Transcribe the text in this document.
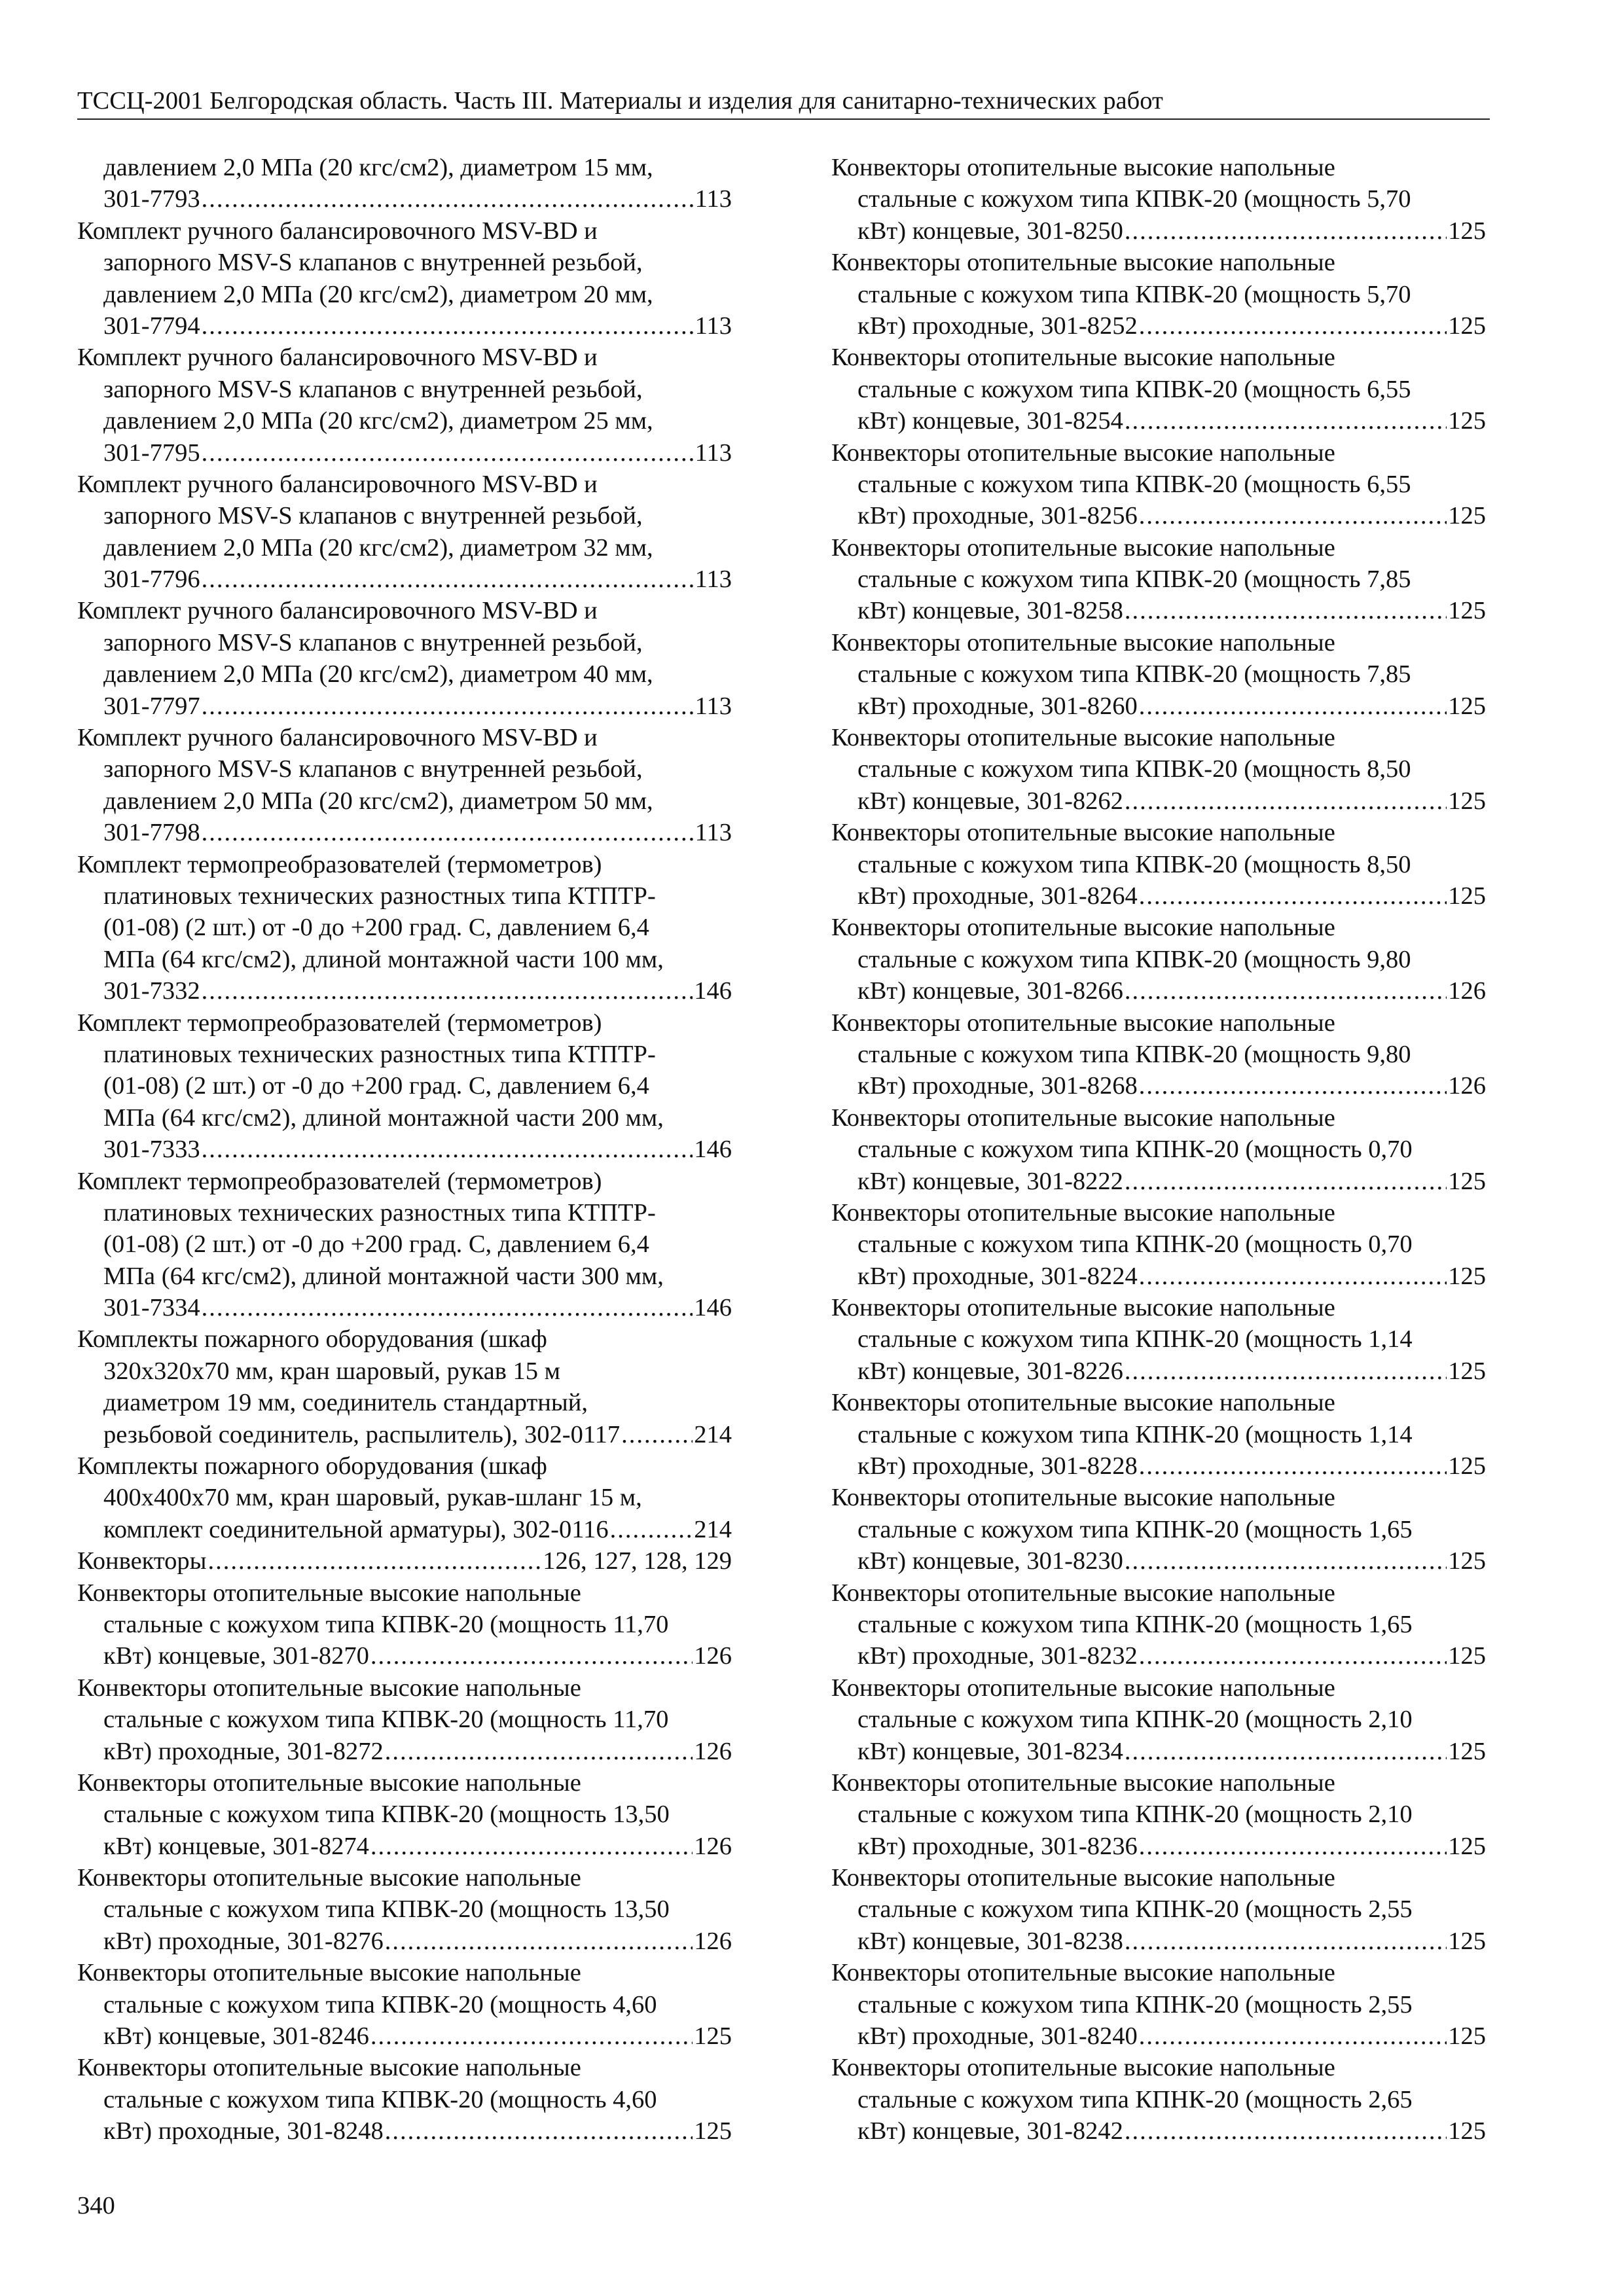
ТССЦ-2001 Белгородская область. Часть III. Материалы и изделия для санитарно-технических работ
давлением 2,0 МПа (20 кгс/см2), диаметром 15 мм,
301-7793 .....	113
Комплект ручного балансировочного MSV-BD и
запорного MSV-S клапанов с внутренней резьбой,
давлением 2,0 МПа (20 кгс/см2), диаметром 20 мм,
301-7794 .....	113
Комплект ручного балансировочного MSV-BD и
запорного MSV-S клапанов с внутренней резьбой,
давлением 2,0 МПа (20 кгс/см2), диаметром 25 мм,
301-7795 .....	113
Комплект ручного балансировочного MSV-BD и
запорного MSV-S клапанов с внутренней резьбой,
давлением 2,0 МПа (20 кгс/см2), диаметром 32 мм,
301-7796 .....	113
Комплект ручного балансировочного MSV-BD и
запорного MSV-S клапанов с внутренней резьбой,
давлением 2,0 МПа (20 кгс/см2), диаметром 40 мм,
301-7797 .....	113
Комплект ручного балансировочного MSV-BD и
запорного MSV-S клапанов с внутренней резьбой,
давлением 2,0 МПа (20 кгс/см2), диаметром 50 мм,
301-7798 .....	113
Комплект термопреобразователей (термометров)
платиновых технических разностных типа КТПТР-
(01-08) (2 шт.) от -0 до +200 град. С, давлением 6,4
МПа (64 кгс/см2), длиной монтажной части 100 мм,
301-7332 .....	146
Комплект термопреобразователей (термометров)
платиновых технических разностных типа КТПТР-
(01-08) (2 шт.) от -0 до +200 град. С, давлением 6,4
МПа (64 кгс/см2), длиной монтажной части 200 мм,
301-7333 .....	146
Комплект термопреобразователей (термометров)
платиновых технических разностных типа КТПТР-
(01-08) (2 шт.) от -0 до +200 град. С, давлением 6,4
МПа (64 кгс/см2), длиной монтажной части 300 мм,
301-7334 .....	146
Комплекты пожарного оборудования (шкаф
320x320x70 мм, кран шаровый, рукав 15 м
диаметром 19 мм, соединитель стандартный,
резьбовой соединитель, распылитель), 302-0117 .....	214
Комплекты пожарного оборудования (шкаф
400x400x70 мм, кран шаровый, рукав-шланг 15 м,
комплект соединительной арматуры), 302-0116 .....	214
Конвекторы .....	126, 127, 128, 129
Конвекторы отопительные высокие напольные
стальные с кожухом типа КПВК-20 (мощность 11,70
кВт) концевые, 301-8270 .....	126
Конвекторы отопительные высокие напольные
стальные с кожухом типа КПВК-20 (мощность 11,70
кВт) проходные, 301-8272 .....	126
Конвекторы отопительные высокие напольные
стальные с кожухом типа КПВК-20 (мощность 13,50
кВт) концевые, 301-8274 .....	126
Конвекторы отопительные высокие напольные
стальные с кожухом типа КПВК-20 (мощность 13,50
кВт) проходные, 301-8276 .....	126
Конвекторы отопительные высокие напольные
стальные с кожухом типа КПВК-20 (мощность 4,60
кВт) концевые, 301-8246 .....	125
Конвекторы отопительные высокие напольные
стальные с кожухом типа КПВК-20 (мощность 4,60
кВт) проходные, 301-8248 .....	125
Конвекторы отопительные высокие напольные
стальные с кожухом типа КПВК-20 (мощность 5,70
кВт) концевые, 301-8250 .....	125
Конвекторы отопительные высокие напольные
стальные с кожухом типа КПВК-20 (мощность 5,70
кВт) проходные, 301-8252 .....	125
Конвекторы отопительные высокие напольные
стальные с кожухом типа КПВК-20 (мощность 6,55
кВт) концевые, 301-8254 .....	125
Конвекторы отопительные высокие напольные
стальные с кожухом типа КПВК-20 (мощность 6,55
кВт) проходные, 301-8256 .....	125
Конвекторы отопительные высокие напольные
стальные с кожухом типа КПВК-20 (мощность 7,85
кВт) концевые, 301-8258 .....	125
Конвекторы отопительные высокие напольные
стальные с кожухом типа КПВК-20 (мощность 7,85
кВт) проходные, 301-8260 .....	125
Конвекторы отопительные высокие напольные
стальные с кожухом типа КПВК-20 (мощность 8,50
кВт) концевые, 301-8262 .....	125
Конвекторы отопительные высокие напольные
стальные с кожухом типа КПВК-20 (мощность 8,50
кВт) проходные, 301-8264 .....	125
Конвекторы отопительные высокие напольные
стальные с кожухом типа КПВК-20 (мощность 9,80
кВт) концевые, 301-8266 .....	126
Конвекторы отопительные высокие напольные
стальные с кожухом типа КПВК-20 (мощность 9,80
кВт) проходные, 301-8268 .....	126
Конвекторы отопительные высокие напольные
стальные с кожухом типа КПНК-20 (мощность 0,70
кВт) концевые, 301-8222 .....	125
Конвекторы отопительные высокие напольные
стальные с кожухом типа КПНК-20 (мощность 0,70
кВт) проходные, 301-8224 .....	125
Конвекторы отопительные высокие напольные
стальные с кожухом типа КПНК-20 (мощность 1,14
кВт) концевые, 301-8226 .....	125
Конвекторы отопительные высокие напольные
стальные с кожухом типа КПНК-20 (мощность 1,14
кВт) проходные, 301-8228 .....	125
Конвекторы отопительные высокие напольные
стальные с кожухом типа КПНК-20 (мощность 1,65
кВт) концевые, 301-8230 .....	125
Конвекторы отопительные высокие напольные
стальные с кожухом типа КПНК-20 (мощность 1,65
кВт) проходные, 301-8232 .....	125
Конвекторы отопительные высокие напольные
стальные с кожухом типа КПНК-20 (мощность 2,10
кВт) концевые, 301-8234 .....	125
Конвекторы отопительные высокие напольные
стальные с кожухом типа КПНК-20 (мощность 2,10
кВт) проходные, 301-8236 .....	125
Конвекторы отопительные высокие напольные
стальные с кожухом типа КПНК-20 (мощность 2,55
кВт) концевые, 301-8238 .....	125
Конвекторы отопительные высокие напольные
стальные с кожухом типа КПНК-20 (мощность 2,55
кВт) проходные, 301-8240 .....	125
Конвекторы отопительные высокие напольные
стальные с кожухом типа КПНК-20 (мощность 2,65
кВт) концевые, 301-8242 .....	125
340
